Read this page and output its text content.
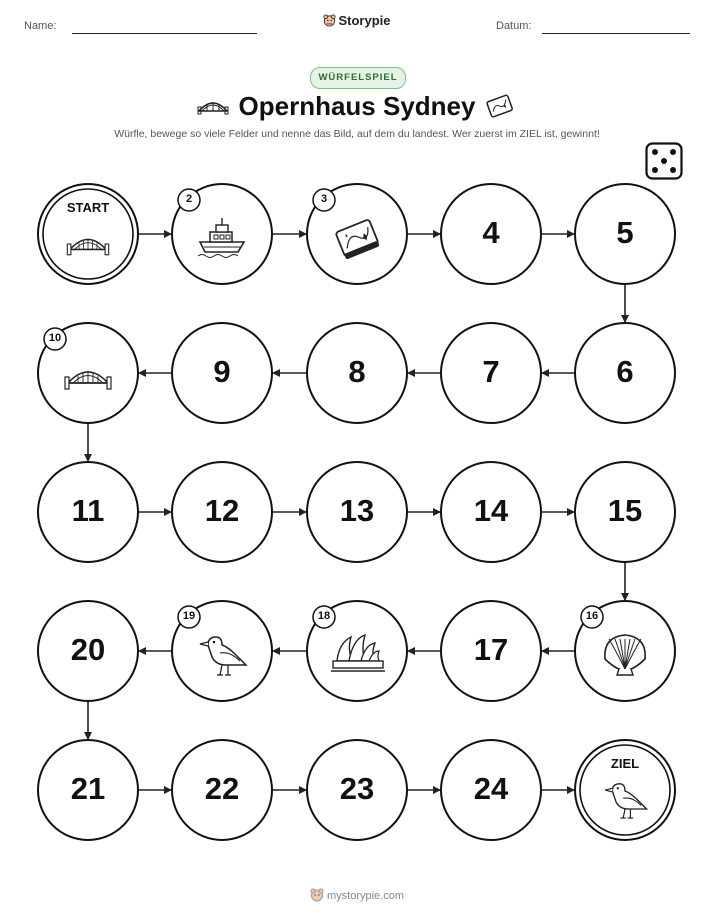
Name:	Storypie	Datum:
WÜRFELSPIEL
Opernhaus Sydney
Würfle, bewege so viele Felder und nenne das Bild, auf dem du landest. Wer zuerst im ZIEL ist, gewinnt!
START
2	3
4	5
6
7
8
9
10
11	12	13	14	15
16
17
18
19
20
21	22	23	24
ZIEL
mystorypie.com
